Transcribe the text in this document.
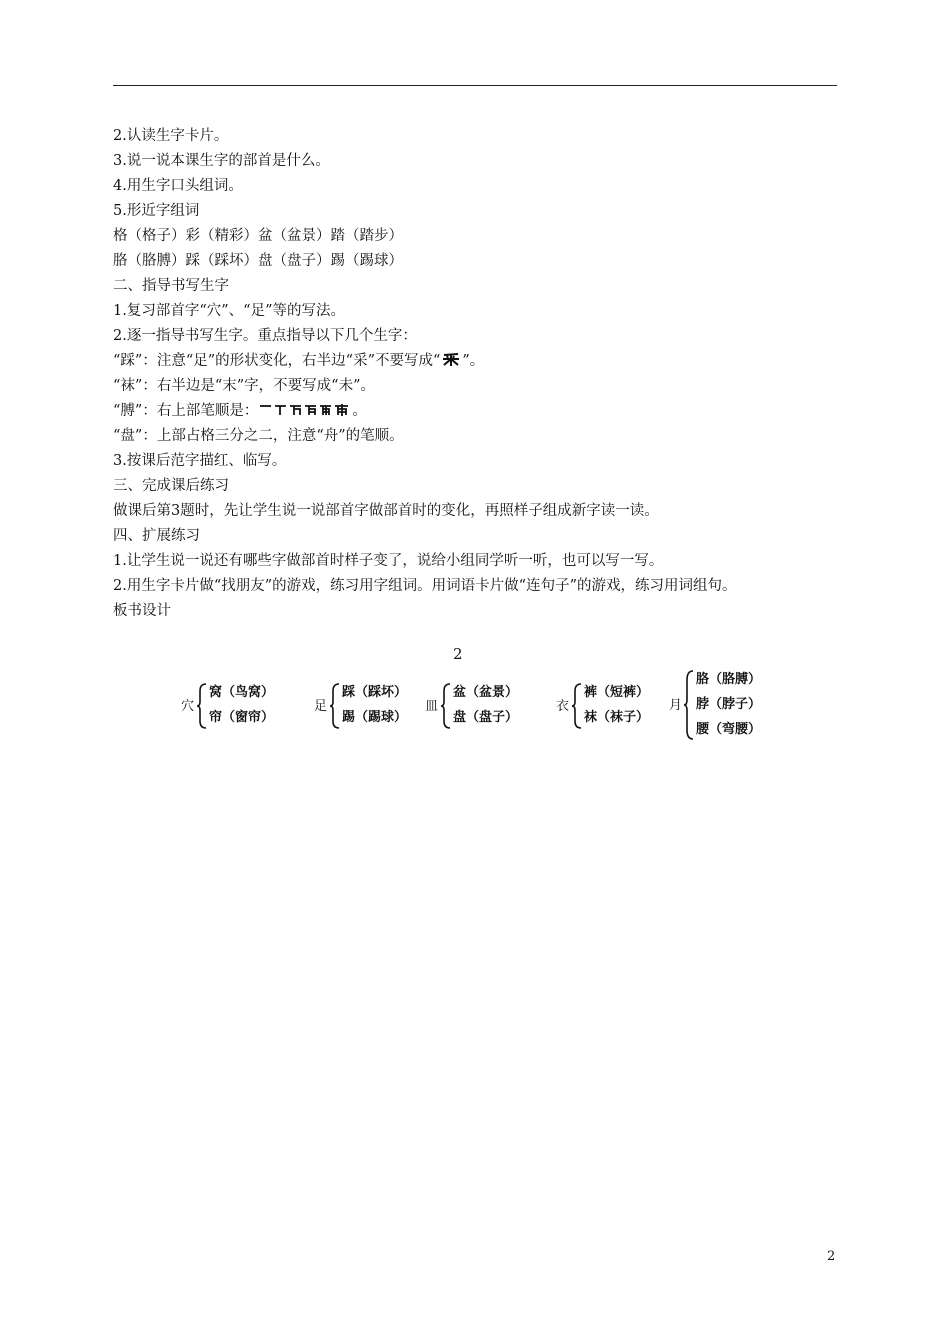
2.认读生字卡片。
3.说一说本课生字的部首是什么。
4.用生字口头组词。
5.形近字组词
格（格子）彩（精彩）盆（盆景）踏（踏步）
胳（胳膊）踩（踩坏）盘（盘子）踢（踢球）
二、指导书写生字
1.复习部首字“穴”、“足”等的写法。
2.逐一指导书写生字。重点指导以下几个生字：
“踩”：注意“足”的形状变化，右半边“采”不要写成“ ”。
“袜”：右半边是“末”字，不要写成“未”。
“膊”：右上部笔顺是：	。
“盘”：上部占格三分之二，注意“舟”的笔顺。
3.按课后范字描红、临写。
三、完成课后练习
做课后第3题时，先让学生说一说部首字做部首时的变化，再照样子组成新字读一读。
四、扩展练习
1.让学生说一说还有哪些字做部首时样子变了，说给小组同学听一听，也可以写一写。
2.用生字卡片做“找朋友”的游戏，练习用字组词。用词语卡片做“连句子”的游戏，练习用词组句。
板书设计
2
穴
窝（鸟窝）
帘（窗帘）
足
踩（踩坏）
踢（踢球）
皿
盆（盆景）
盘（盘子）
衣
裤（短裤）
袜（袜子）
月
胳（胳膊）
脖（脖子）
腰（弯腰）
2
